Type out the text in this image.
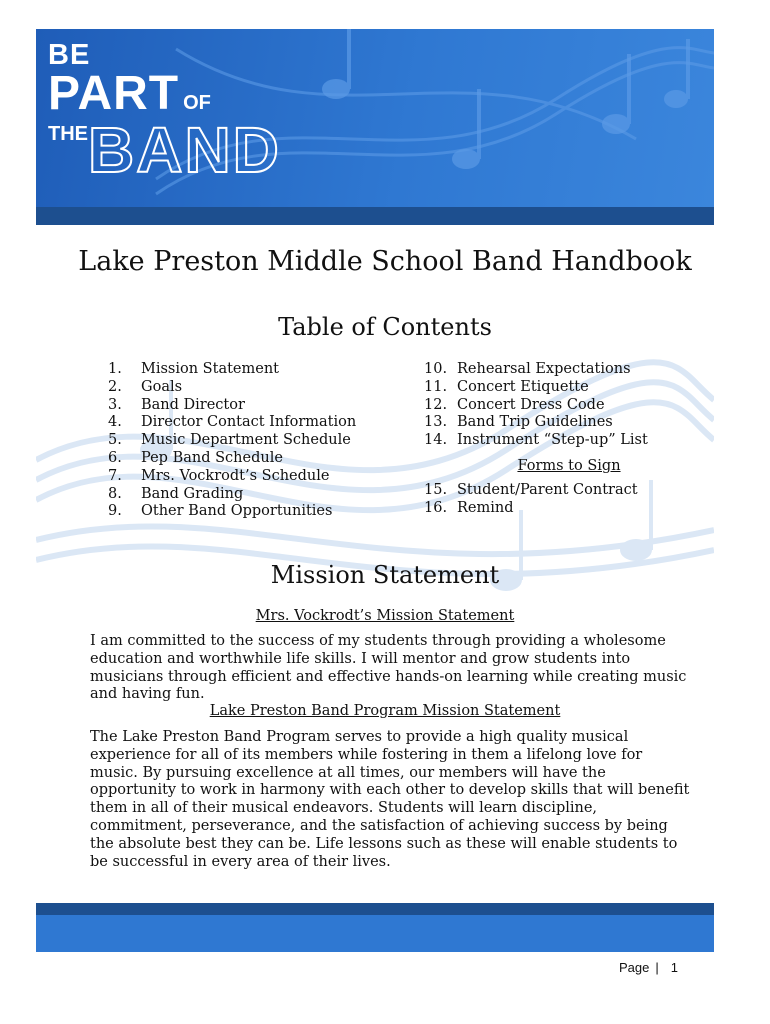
BE
PART OF
THEBAND
Lake Preston Middle School Band Handbook
Table of Contents
1.	Mission Statement
2.	Goals
3.	Band Director
4.	Director Contact Information
5.	Music Department Schedule
6.	Pep Band Schedule
7.	Mrs. Vockrodt’s Schedule
8.	Band Grading
9.	Other Band Opportunities
10. Rehearsal Expectations
11. Concert Etiquette
12. Concert Dress Code
13. Band Trip Guidelines
14. Instrument “Step-up” List
Forms to Sign
15. Student/Parent Contract
16. Remind
Mission Statement
Mrs. Vockrodt’s Mission Statement
I am committed to the success of my students through providing a wholesome education and worthwhile life skills. I will mentor and grow students into musicians through efficient and effective hands-on learning while creating music and having fun.
Lake Preston Band Program Mission Statement
The Lake Preston Band Program serves to provide a high quality musical experience for all of its members while fostering in them a lifelong love for music. By pursuing excellence at all times, our members will have the opportunity to work in harmony with each other to develop skills that will benefit them in all of their musical endeavors. Students will learn discipline, commitment, perseverance, and the satisfaction of achieving success by being the absolute best they can be. Life lessons such as these will enable students to be successful in every area of their lives.
Page | 1
